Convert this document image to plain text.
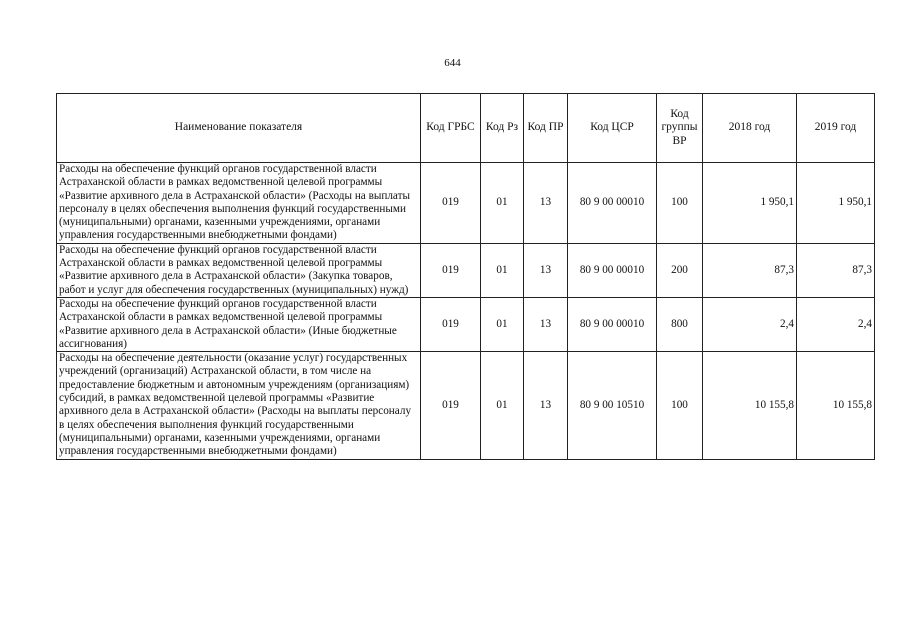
644
Наименование показателя	Код ГРБС	Код Рз	Код ПР	Код ЦСР	Код группы ВР	2018 год	2019 год
Расходы на обеспечение функций органов государственной власти Астраханской области в рамках ведомственной целевой программы «Развитие архивного дела в Астраханской области» (Расходы на выплаты персоналу в целях обеспечения выполнения функций государственными (муниципальными) органами, казенными учреждениями, органами управления государственными внебюджетными фондами)	019	01	13	80 9 00 00010	100	1 950,1	1 950,1
Расходы на обеспечение функций органов государственной власти Астраханской области в рамках ведомственной целевой программы «Развитие архивного дела в Астраханской области» (Закупка товаров, работ и услуг для обеспечения государственных (муниципальных) нужд)	019	01	13	80 9 00 00010	200	87,3	87,3
Расходы на обеспечение функций органов государственной власти Астраханской области в рамках ведомственной целевой программы «Развитие архивного дела в Астраханской области» (Иные бюджетные ассигнования)	019	01	13	80 9 00 00010	800	2,4	2,4
Расходы на обеспечение деятельности (оказание услуг) государственных учреждений (организаций) Астраханской области, в том числе на предоставление бюджетным и автономным учреждениям (организациям) субсидий, в рамках ведомственной целевой программы «Развитие архивного дела в Астраханской области» (Расходы на выплаты персоналу в целях обеспечения выполнения функций государственными (муниципальными) органами, казенными учреждениями, органами управления государственными внебюджетными фондами)	019	01	13	80 9 00 10510	100	10 155,8	10 155,8
